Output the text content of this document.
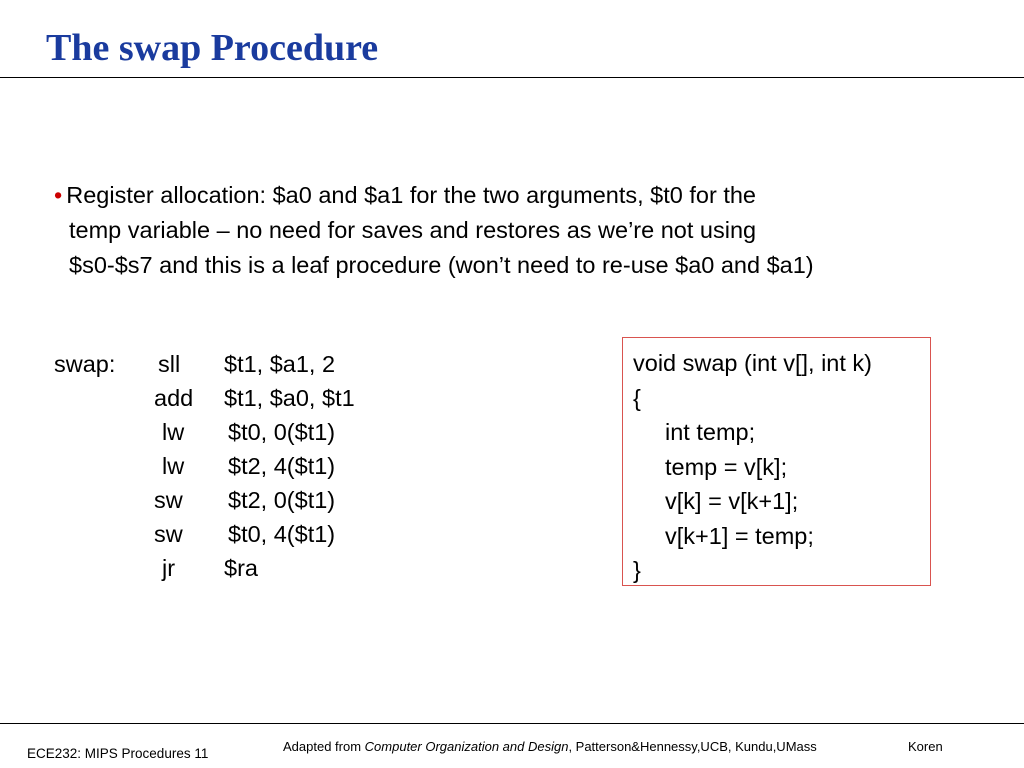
The swap Procedure
• Register allocation: $a0 and $a1 for the two arguments, $t0 for the
temp variable – no need for saves and restores as we’re not using
$s0-$s7 and this is a leaf procedure (won’t need to re-use $a0 and $a1)
swap: sll $t1, $a1, 2
add $t1, $a0, $t1
lw $t0, 0($t1)
lw $t2, 4($t1)
sw $t2, 0($t1)
sw $t0, 4($t1)
jr $ra
void swap (int v[], int k)
{
int temp;
temp = v[k];
v[k] = v[k+1];
v[k+1] = temp;
}
ECE232: MIPS Procedures 11	Adapted from Computer Organization and Design, Patterson&Hennessy,UCB, Kundu,UMass	Koren
